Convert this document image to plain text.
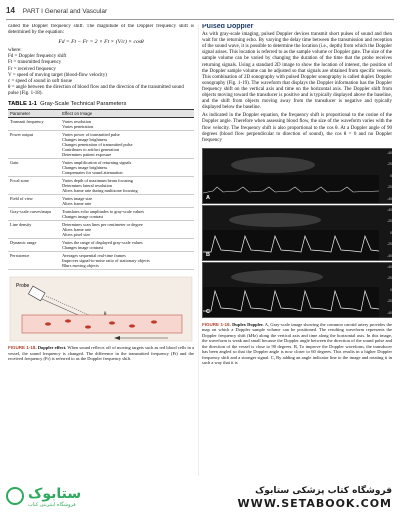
14 PART I General and Vascular

called the Doppler frequency shift. The magnitude of the Doppler frequency shift is determined by the equation:

Fd = Ft − Fr = 2 × Ft × (V/c) × cosθ
where:
Fd = Doppler frequency shift
Ft = transmitted frequency
Fr = received frequency
V = speed of moving target (blood-flow velocity)
c = speed of sound in soft tissue
θ = angle between the direction of blood flow and the direction of the transmitted sound pulse (Fig. 1-18).
TABLE 1-1 Gray-Scale Technical Parameters
Parameter	Effect on Image
Transmit frequency	Varies resolution
Varies penetration

Power output	Varies power of transmitted pulse
Changes image brightness
Changes penetration of transmitted pulse
Contributes to artifact generation
Determines patient exposure

Gain	Varies amplification of returning signals
Changes image brightness
Compensates for sound attenuation

Focal zone	Varies depth of maximum beam focusing
Determines lateral resolution
Alters frame rate during multizone focusing

Field of view	Varies image size
Alters frame rate

Gray-scale curves/maps	Translates echo amplitudes to gray-scale values
Changes image contrast

Line density	Determines scan lines per centimeter or degree
Alters frame rate
Alters pixel size

Dynamic range	Varies the range of displayed gray-scale values
Changes image contrast

Persistence	Averages sequential real-time frames
Improves signal-to-noise ratio of stationary objects
Blurs moving objects
Probe
θ
FIGURE 1-18. Doppler effect. When sound reflects off of moving targets such as red blood cells in a vessel, the sound frequency is changed. The difference in the transmitted frequency (Ft) and the received frequency (Fr) is referred to as the Doppler frequency shift.
Pulsed Doppler

As with gray-scale imaging, pulsed Doppler devices transmit short pulses of sound and then wait for the returning echo. By varying the delay time between the transmission and reception of the sound wave, it is possible to determine the location (i.e., depth) from which the Doppler signal arises. This location is referred to as the sample volume or Doppler gate. The size of the sample volume can be varied by changing the duration of the time that the probe receives returning signals. Using a standard 2D image to show the location of interest, the position of the Doppler sample volume can be adjusted so that signals are obtained from specific vessels. This combination of 2D sonography with pulsed Doppler sonography is called duplex Doppler sonography (Fig. 1-19). The waveform that displays the Doppler information has the Doppler frequency shift on the vertical axis and time on the horizontal axis. The Doppler shift from objects moving toward the transducer is positive and is typically displayed above the baseline, and the shift from objects moving away from the transducer is negative and typically displayed below the baseline.

As indicated in the Doppler equation, the frequency shift is proportional to the cosine of the Doppler angle. Therefore when assessing blood flow, the size of the waveform varies with the flow velocity. The frequency shift is also proportional to the cos θ. At a Doppler angle of 90 degrees (blood flow perpendicular to direction of sound), the cos θ = 0 and no Doppler frequency

-40
-20
0
-20
-40
A
-40
-20
0
-20
-40
B
-40
-20
0
-20
-40
C
FIGURE 1-19. Duplex Doppler. A, Gray-scale image showing the common carotid artery provides the map on which a Doppler sample volume can be positioned. The resulting waveform represents the Doppler frequency shift (kHz) along the vertical axis and time along the horizontal axis. In this image, the waveform is weak and small because the Doppler angle between the direction of the sound pulse and the direction of the vessel is close to 90 degrees. B, To improve the Doppler waveform, the transducer has been angled so that the Doppler angle is now closer to 60 degrees. This results in a higher Doppler frequency shift and a stronger signal. C, By adding an angle indicator line to the image and rotating it in such a way that it is
ستابوک
فروشگاه اینترنتی کتاب
فروشگاه کتاب پزشکی ستابوک
WWW.SETABOOK.COM
